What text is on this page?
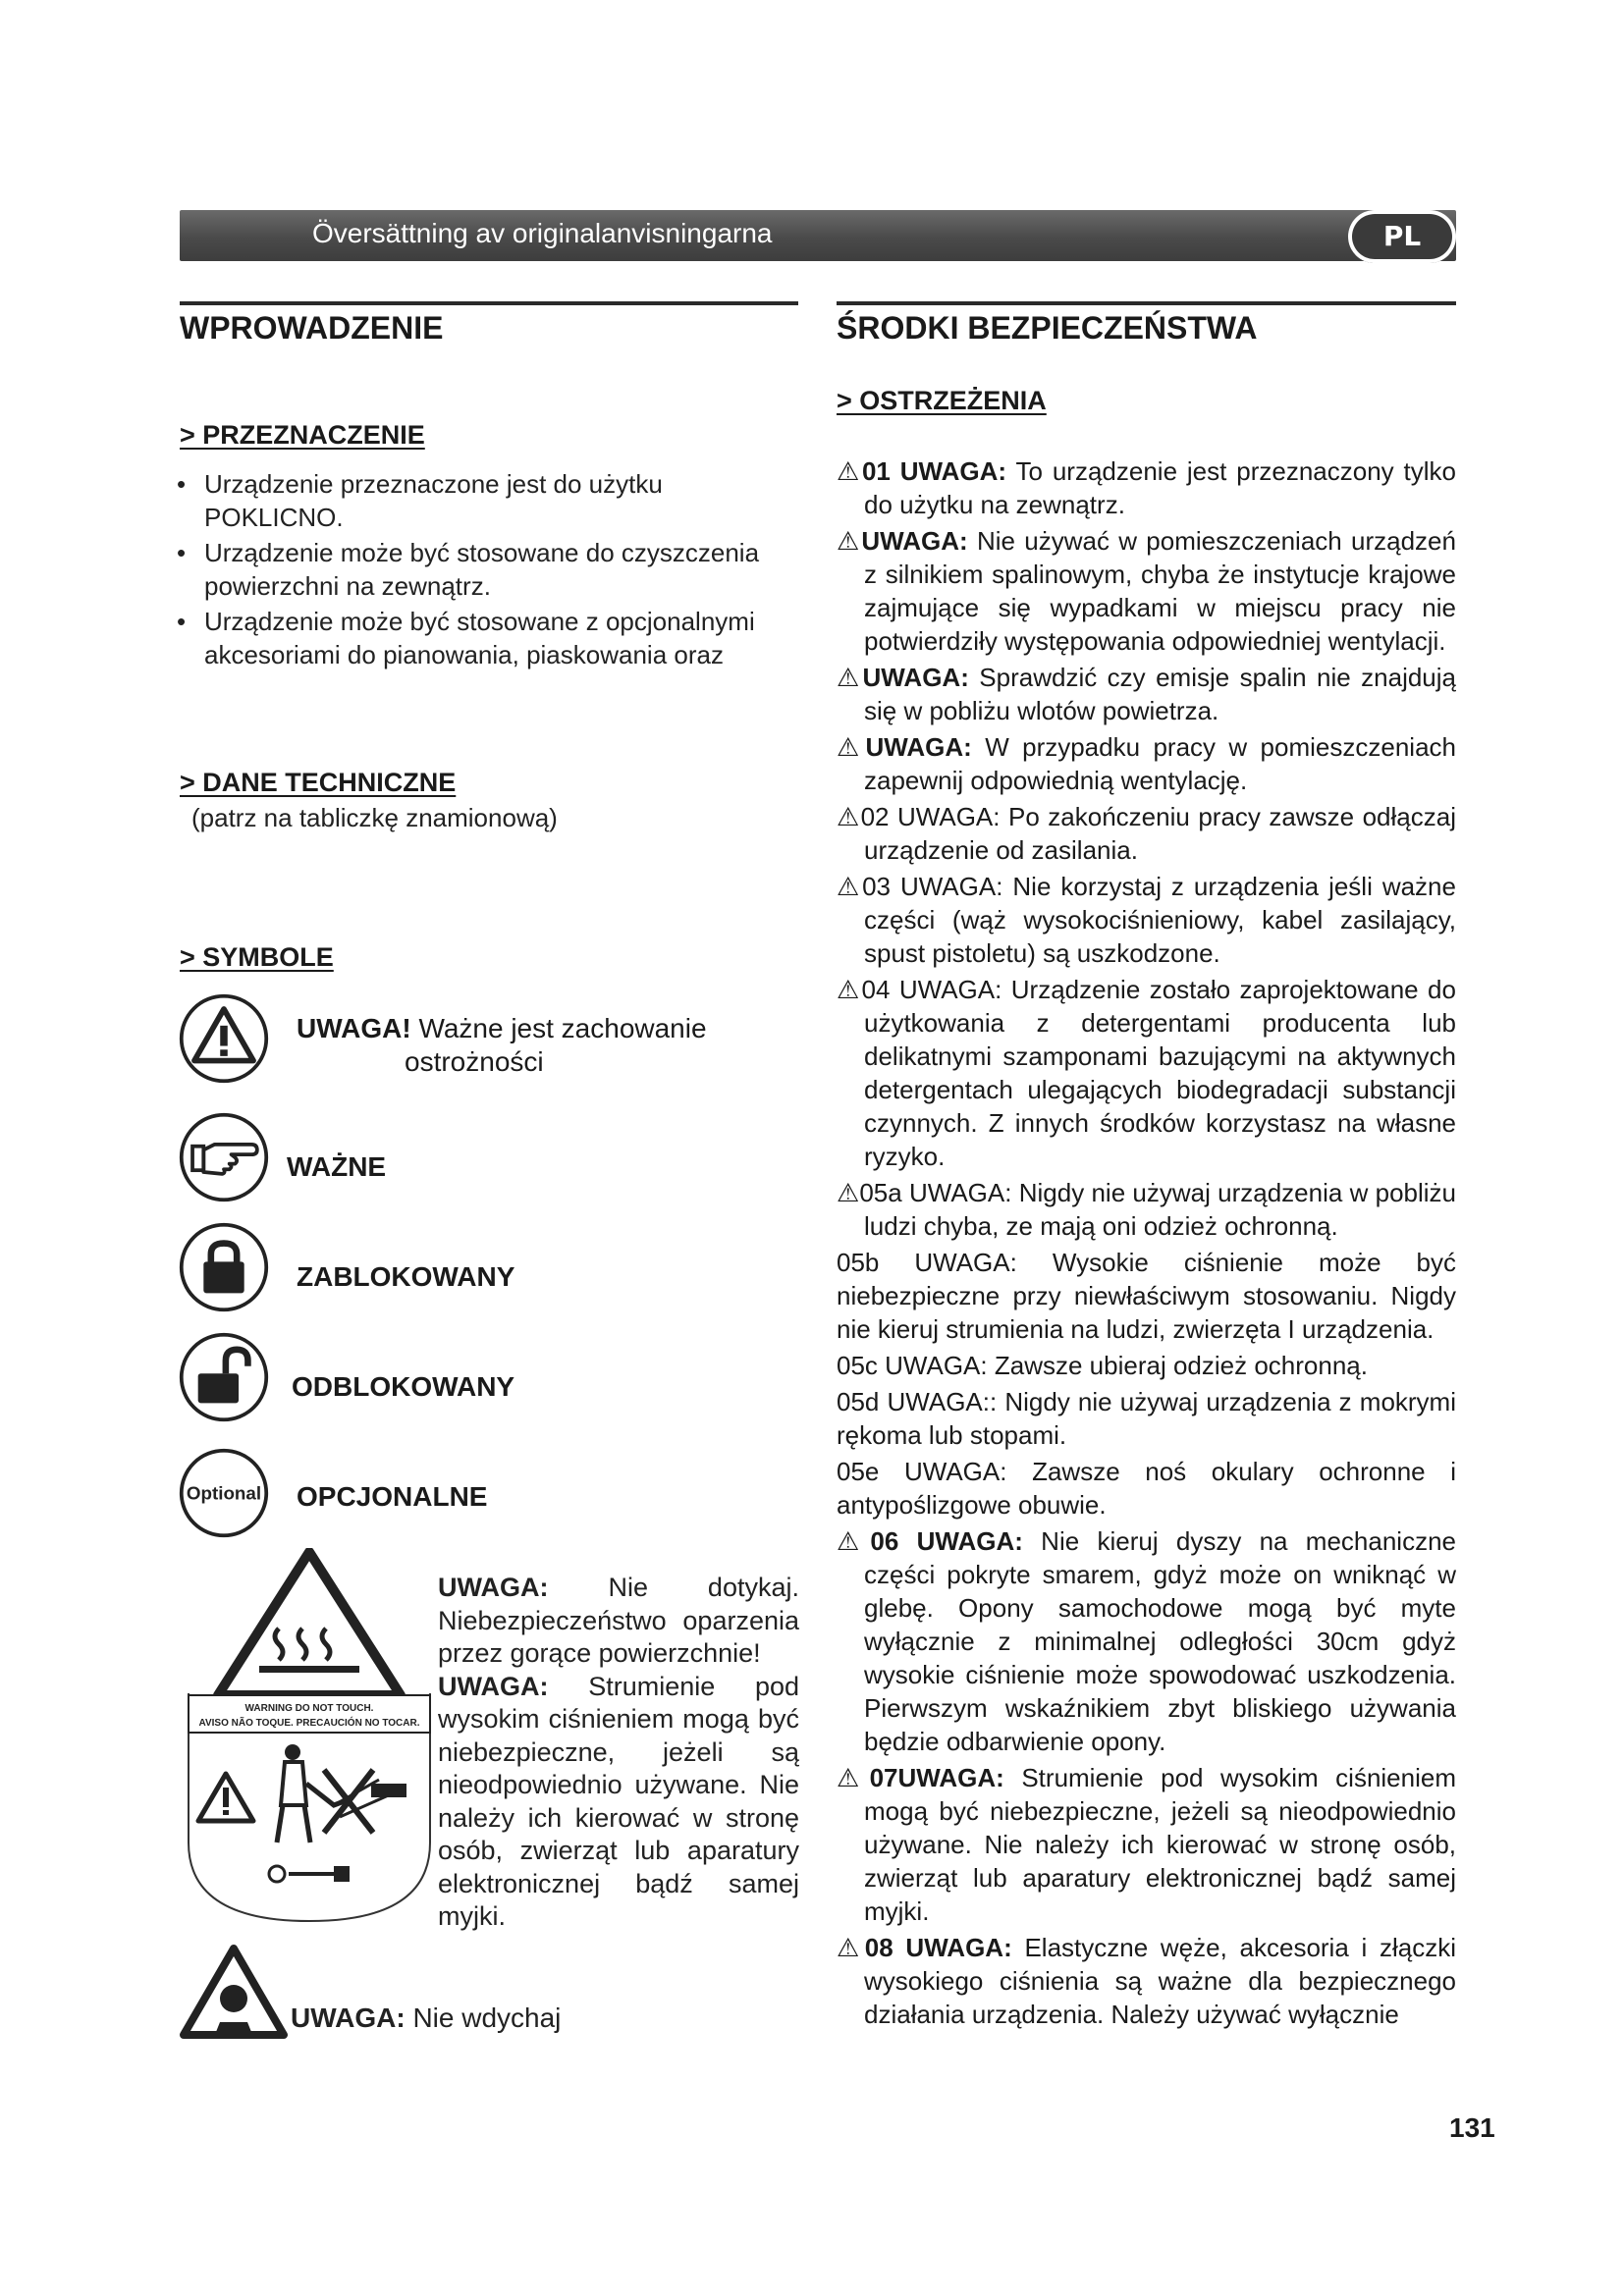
Översättning av originalanvisningarna	PL
WPROWADZENIE
> PRZEZNACZENIE
• Urządzenie przeznaczone jest do użytku POKLICNO.
• Urządzenie może być stosowane do czyszczenia powierzchni na zewnątrz.
• Urządzenie może być stosowane z opcjonalnymi akcesoriami do pianowania, piaskowania oraz
> DANE TECHNICZNE
(patrz na tabliczkę znamionową)
> SYMBOLE
UWAGA! Ważne jest zachowanie
ostrożności
WAŻNE
ZABLOKOWANY
ODBLOKOWANY
Optional OPCJONALNE
WARNING DO NOT TOUCH.
AVISO NÃO TOQUE. PRECAUCIÓN NO TOCAR.
UWAGA: Nie dotykaj. Niebezpieczeństwo oparzenia przez gorące powierzchnie!
UWAGA: Strumienie pod wysokim ciśnieniem mogą być niebezpieczne, jeżeli są nieodpowiednio używane. Nie należy ich kierować w stronę osób, zwierząt lub aparatury elektronicznej bądź samej myjki.
UWAGA: Nie wdychaj
ŚRODKI BEZPIECZEŃSTWA
> OSTRZEŻENIA
⚠01 UWAGA: To urządzenie jest przeznaczony tylko do użytku na zewnątrz.
⚠UWAGA: Nie używać w pomieszczeniach urządzeń z silnikiem spalinowym, chyba że instytucje krajowe zajmujące się wypadkami w miejscu pracy nie potwierdziły występowania odpowiedniej wentylacji.
⚠UWAGA: Sprawdzić czy emisje spalin nie znajdują się w pobliżu wlotów powietrza.
⚠UWAGA: W przypadku pracy w pomieszczeniach zapewnij odpowiednią wentylację.
⚠02 UWAGA: Po zakończeniu pracy zawsze odłączaj urządzenie od zasilania.
⚠03 UWAGA: Nie korzystaj z urządzenia jeśli ważne części (wąż wysokociśnieniowy, kabel zasilający, spust pistoletu) są uszkodzone.
⚠04 UWAGA: Urządzenie zostało zaprojektowane do użytkowania z detergentami producenta lub delikatnymi szamponami bazującymi na aktywnych detergentach ulegających biodegradacji substancji czynnych. Z innych środków korzystasz na własne ryzyko.
⚠05a UWAGA: Nigdy nie używaj urządzenia w pobliżu ludzi chyba, ze mają oni odzież ochronną.
05b UWAGA: Wysokie ciśnienie może być niebezpieczne przy niewłaściwym stosowaniu. Nigdy nie kieruj strumienia na ludzi, zwierzęta I urządzenia.
05c UWAGA: Zawsze ubieraj odzież ochronną.
05d UWAGA:: Nigdy nie używaj urządzenia z mokrymi rękoma lub stopami.
05e UWAGA: Zawsze noś okulary ochronne i antypoślizgowe obuwie.
⚠06 UWAGA: Nie kieruj dyszy na mechaniczne części pokryte smarem, gdyż może on wniknąć w glebę. Opony samochodowe mogą być myte wyłącznie z minimalnej odległości 30cm gdyż wysokie ciśnienie może spowodować uszkodzenia. Pierwszym wskaźnikiem zbyt bliskiego używania będzie odbarwienie opony.
⚠07UWAGA: Strumienie pod wysokim ciśnieniem mogą być niebezpieczne, jeżeli są nieodpowiednio używane. Nie należy ich kierować w stronę osób, zwierząt lub aparatury elektronicznej bądź samej myjki.
⚠08 UWAGA: Elastyczne węże, akcesoria i złączki wysokiego ciśnienia są ważne dla bezpiecznego działania urządzenia. Należy używać wyłącznie
131
